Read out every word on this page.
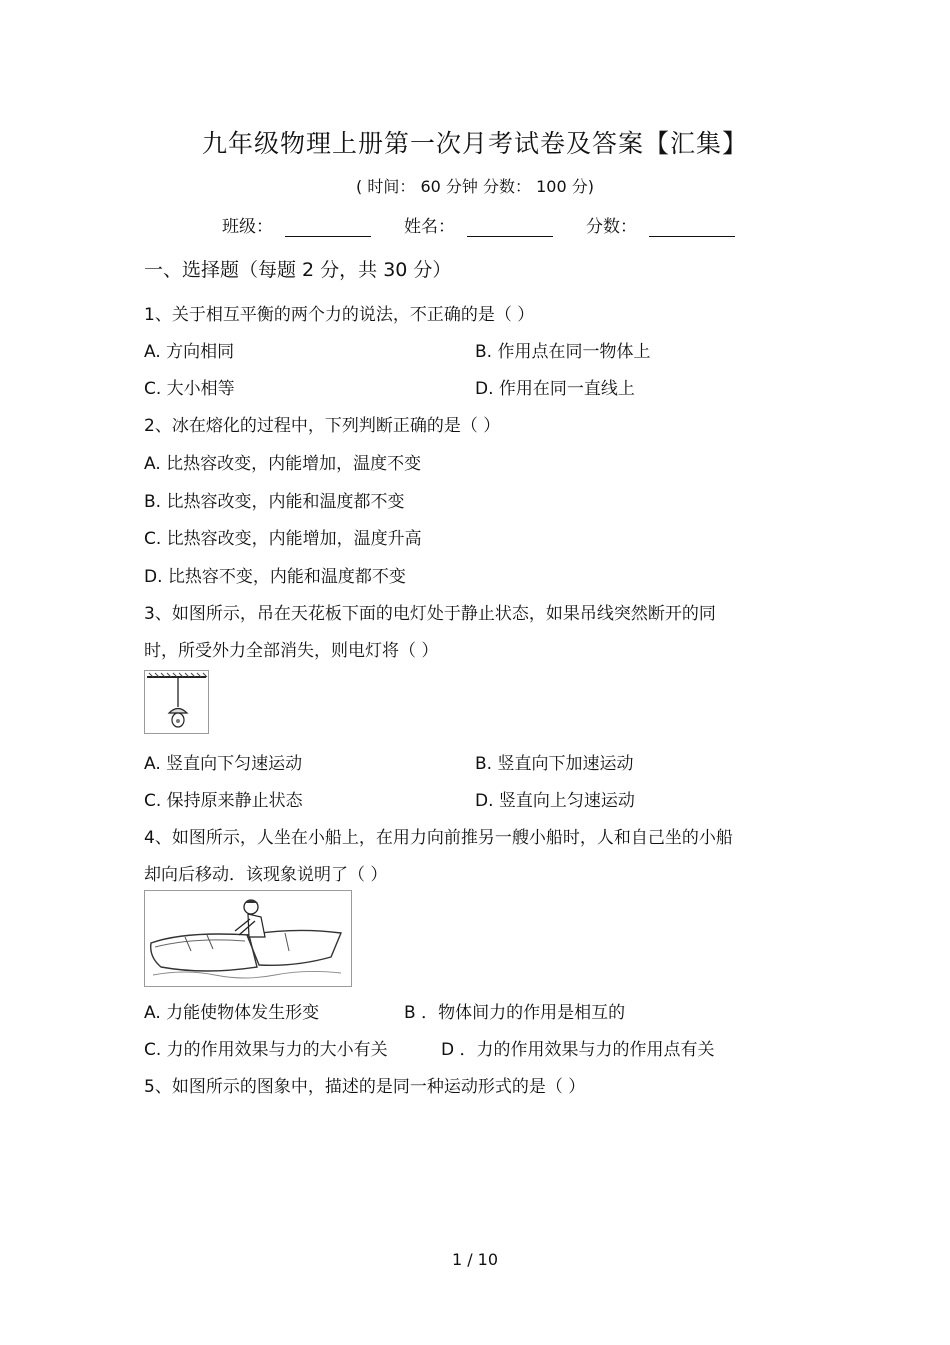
九年级物理上册第一次月考试卷及答案【汇集】
( 时间： 60 分钟 分数： 100 分)
班级：	姓名：	分数：
一、选择题（每题 2 分，共 30 分）
1、关于相互平衡的两个力的说法，不正确的是（ ）
A. 方向相同	B. 作用点在同一物体上
C. 大小相等	D. 作用在同一直线上
2、冰在熔化的过程中，下列判断正确的是（ ）
A. 比热容改变，内能增加，温度不变
B. 比热容改变，内能和温度都不变
C. 比热容改变，内能增加，温度升高
D. 比热容不变，内能和温度都不变
3、如图所示，吊在天花板下面的电灯处于静止状态，如果吊线突然断开的同
时，所受外力全部消失，则电灯将（ ）
A. 竖直向下匀速运动	B. 竖直向下加速运动
C. 保持原来静止状态	D. 竖直向上匀速运动
4、如图所示，人坐在小船上，在用力向前推另一艘小船时，人和自己坐的小船
却向后移动．该现象说明了（ ）
A. 力能使物体发生形变	B ．物体间力的作用是相互的
C. 力的作用效果与力的大小有关	D ．力的作用效果与力的作用点有关
5、如图所示的图象中，描述的是同一种运动形式的是（ ）
1 / 10
